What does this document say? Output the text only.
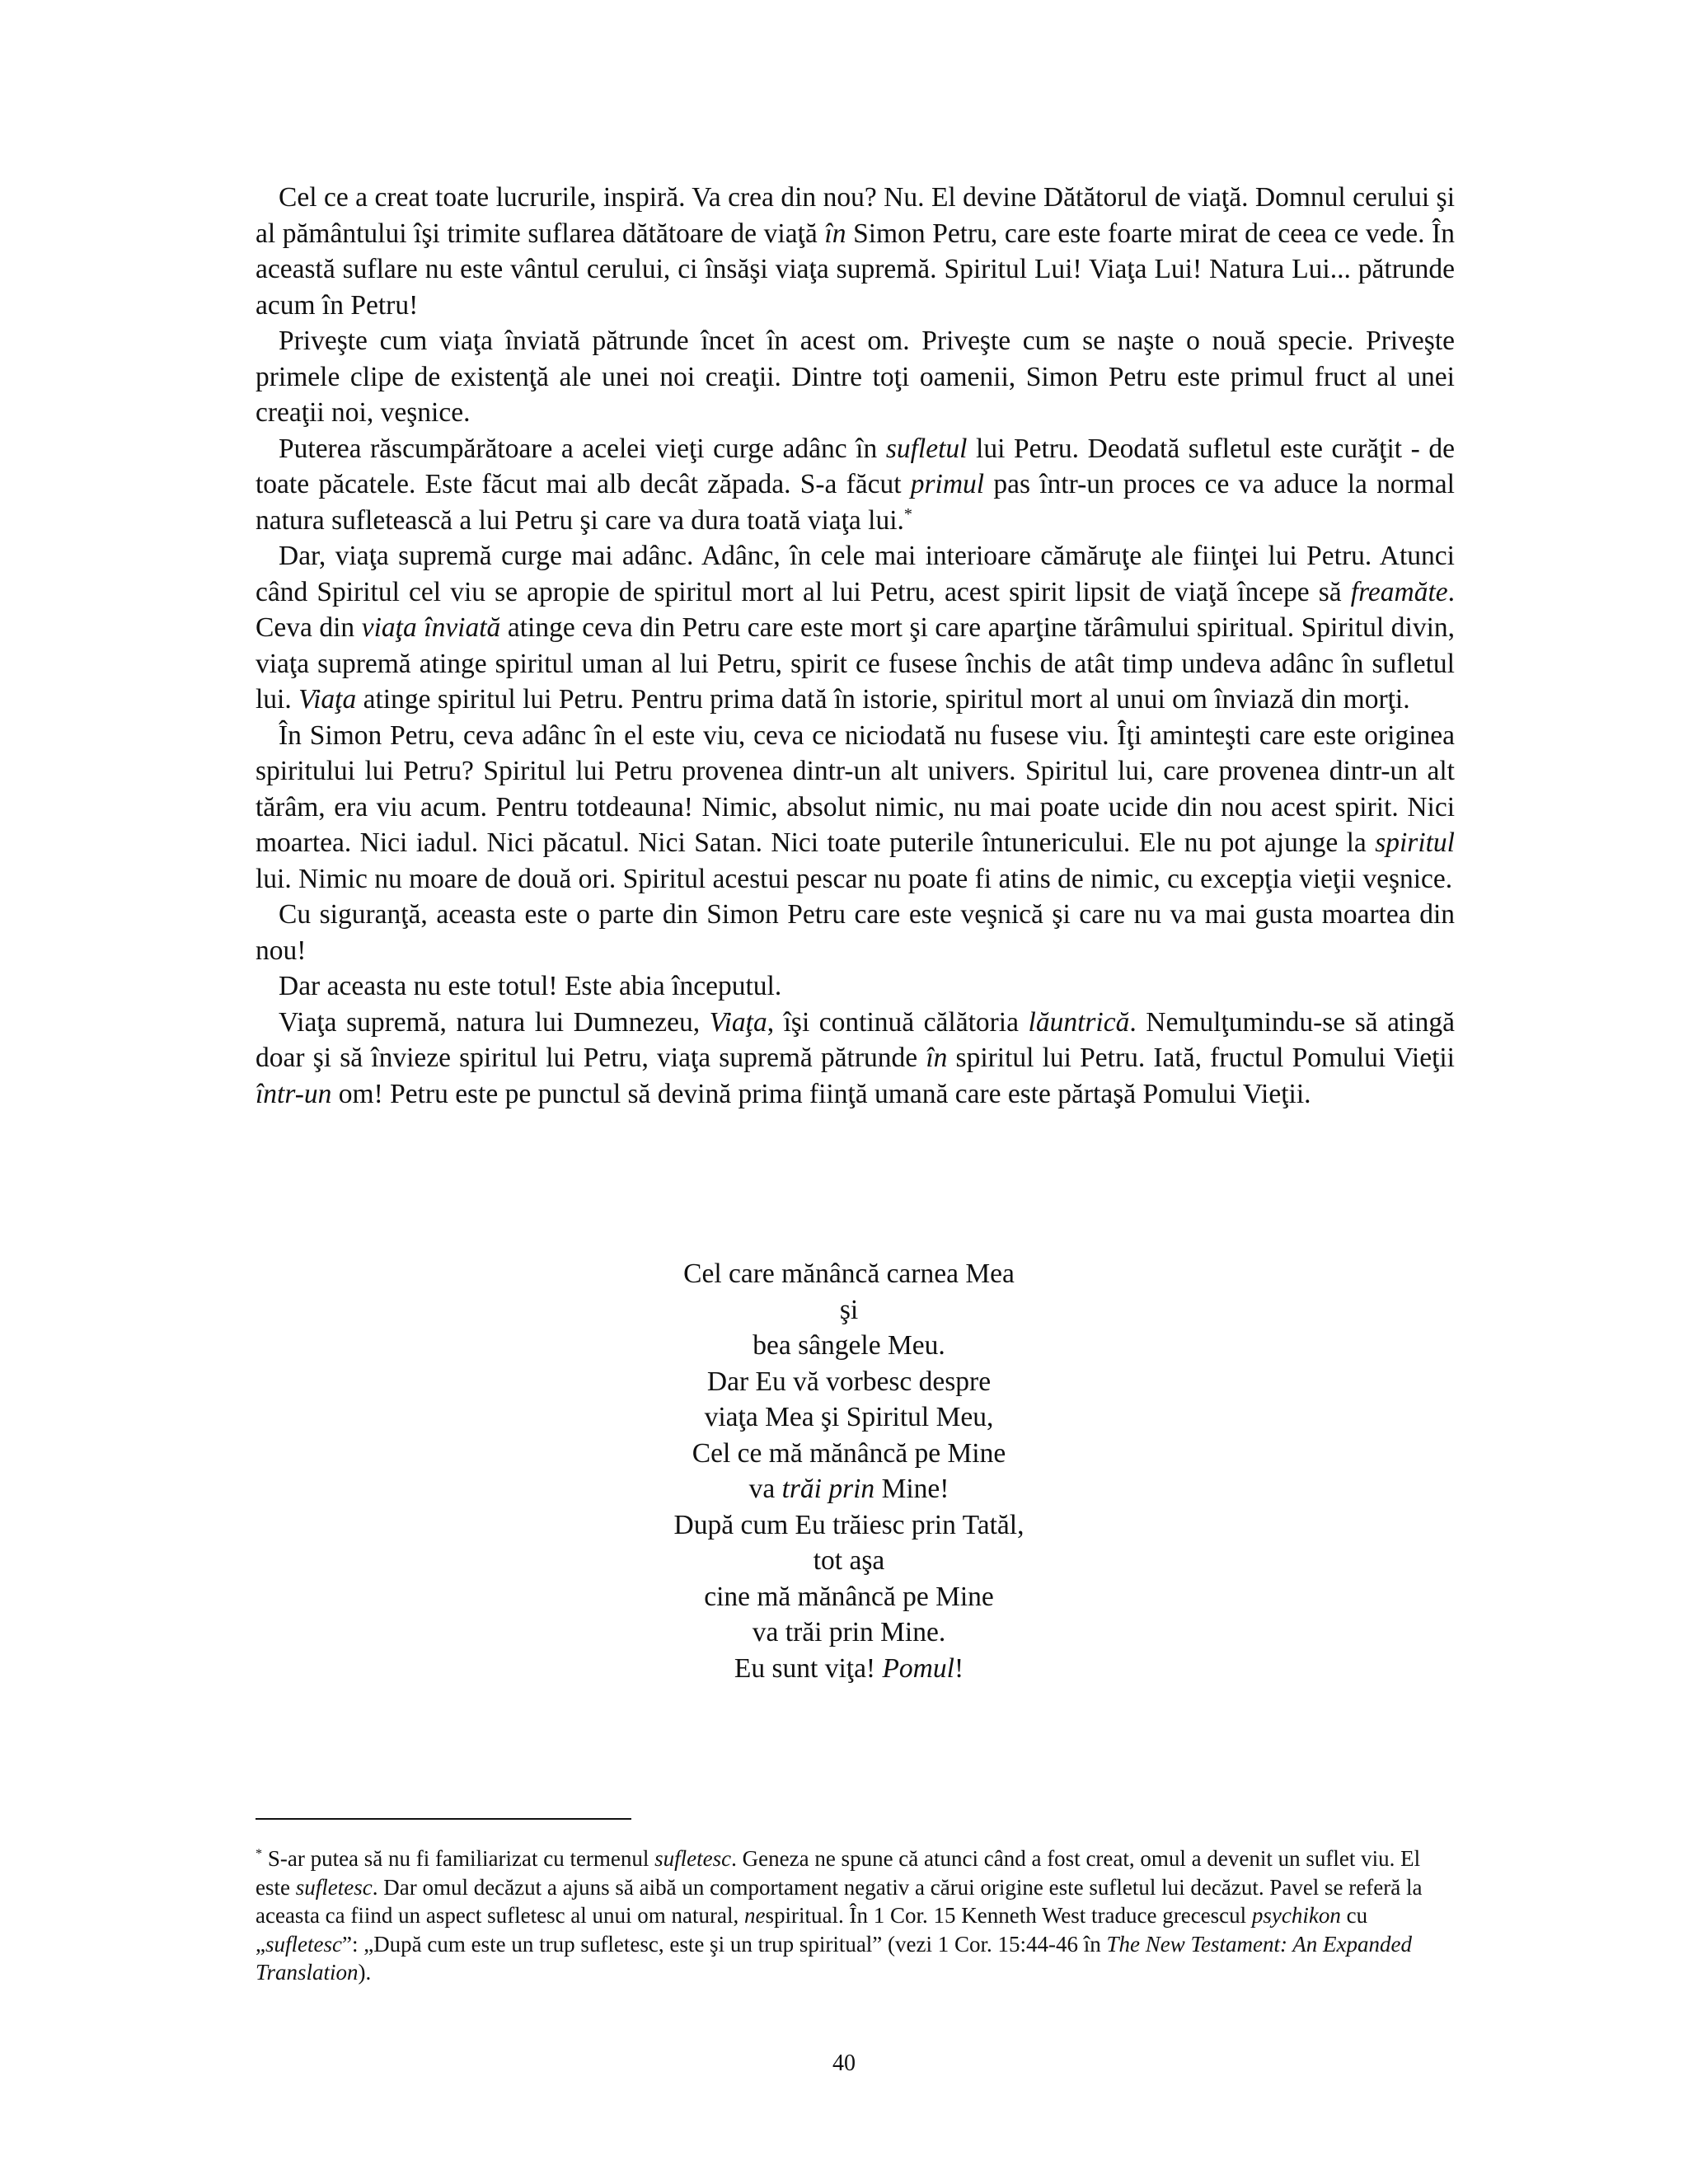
Cel ce a creat toate lucrurile, inspiră. Va crea din nou? Nu. El devine Dătătorul de viaţă. Domnul cerului şi al pământului îşi trimite suflarea dătătoare de viaţă în Simon Petru, care este foarte mirat de ceea ce vede. În această suflare nu este vântul cerului, ci însăşi viaţa supremă. Spiritul Lui! Viaţa Lui! Natura Lui... pătrunde acum în Petru!

Priveşte cum viaţa înviată pătrunde încet în acest om. Priveşte cum se naşte o nouă specie. Priveşte primele clipe de existenţă ale unei noi creaţii. Dintre toţi oamenii, Simon Petru este primul fruct al unei creaţii noi, veşnice.

Puterea răscumpărătoare a acelei vieţi curge adânc în sufletul lui Petru. Deodată sufletul este curăţit - de toate păcatele. Este făcut mai alb decât zăpada. S-a făcut primul pas într-un proces ce va aduce la normal natura sufletească a lui Petru şi care va dura toată viaţa lui.*

Dar, viaţa supremă curge mai adânc. Adânc, în cele mai interioare cămăruţe ale fiinţei lui Petru. Atunci când Spiritul cel viu se apropie de spiritul mort al lui Petru, acest spirit lipsit de viaţă începe să freamăte. Ceva din viaţa înviată atinge ceva din Petru care este mort şi care aparţine tărâmului spiritual. Spiritul divin, viaţa supremă atinge spiritul uman al lui Petru, spirit ce fusese închis de atât timp undeva adânc în sufletul lui. Viaţa atinge spiritul lui Petru. Pentru prima dată în istorie, spiritul mort al unui om înviază din morţi.

În Simon Petru, ceva adânc în el este viu, ceva ce niciodată nu fusese viu. Îţi aminteşti care este originea spiritului lui Petru? Spiritul lui Petru provenea dintr-un alt univers. Spiritul lui, care provenea dintr-un alt tărâm, era viu acum. Pentru totdeauna! Nimic, absolut nimic, nu mai poate ucide din nou acest spirit. Nici moartea. Nici iadul. Nici păcatul. Nici Satan. Nici toate puterile întunericului. Ele nu pot ajunge la spiritul lui. Nimic nu moare de două ori. Spiritul acestui pescar nu poate fi atins de nimic, cu excepţia vieţii veşnice.

Cu siguranţă, aceasta este o parte din Simon Petru care este veşnică şi care nu va mai gusta moartea din nou!

Dar aceasta nu este totul! Este abia începutul.

Viaţa supremă, natura lui Dumnezeu, Viaţa, îşi continuă călătoria lăuntrică. Nemulţumindu-se să atingă doar şi să învieze spiritul lui Petru, viaţa supremă pătrunde în spiritul lui Petru. Iată, fructul Pomului Vieţii într-un om! Petru este pe punctul să devină prima fiinţă umană care este părtaşă Pomului Vieţii.

Cel care mănâncă carnea Mea
şi
bea sângele Meu.
Dar Eu vă vorbesc despre
viaţa Mea şi Spiritul Meu,
Cel ce mă mănâncă pe Mine
va trăi prin Mine!
După cum Eu trăiesc prin Tatăl,
tot aşa
cine mă mănâncă pe Mine
va trăi prin Mine.
Eu sunt viţa! Pomul!

* S-ar putea să nu fi familiarizat cu termenul sufletesc. Geneza ne spune că atunci când a fost creat, omul a devenit un suflet viu. El este sufletesc. Dar omul decăzut a ajuns să aibă un comportament negativ a cărui origine este sufletul lui decăzut. Pavel se referă la aceasta ca fiind un aspect sufletesc al unui om natural, nespiritual. În 1 Cor. 15 Kenneth West traduce grecescul psychikon cu „sufletesc”: „După cum este un trup sufletesc, este şi un trup spiritual” (vezi 1 Cor. 15:44-46 în The New Testament: An Expanded Translation).

40
